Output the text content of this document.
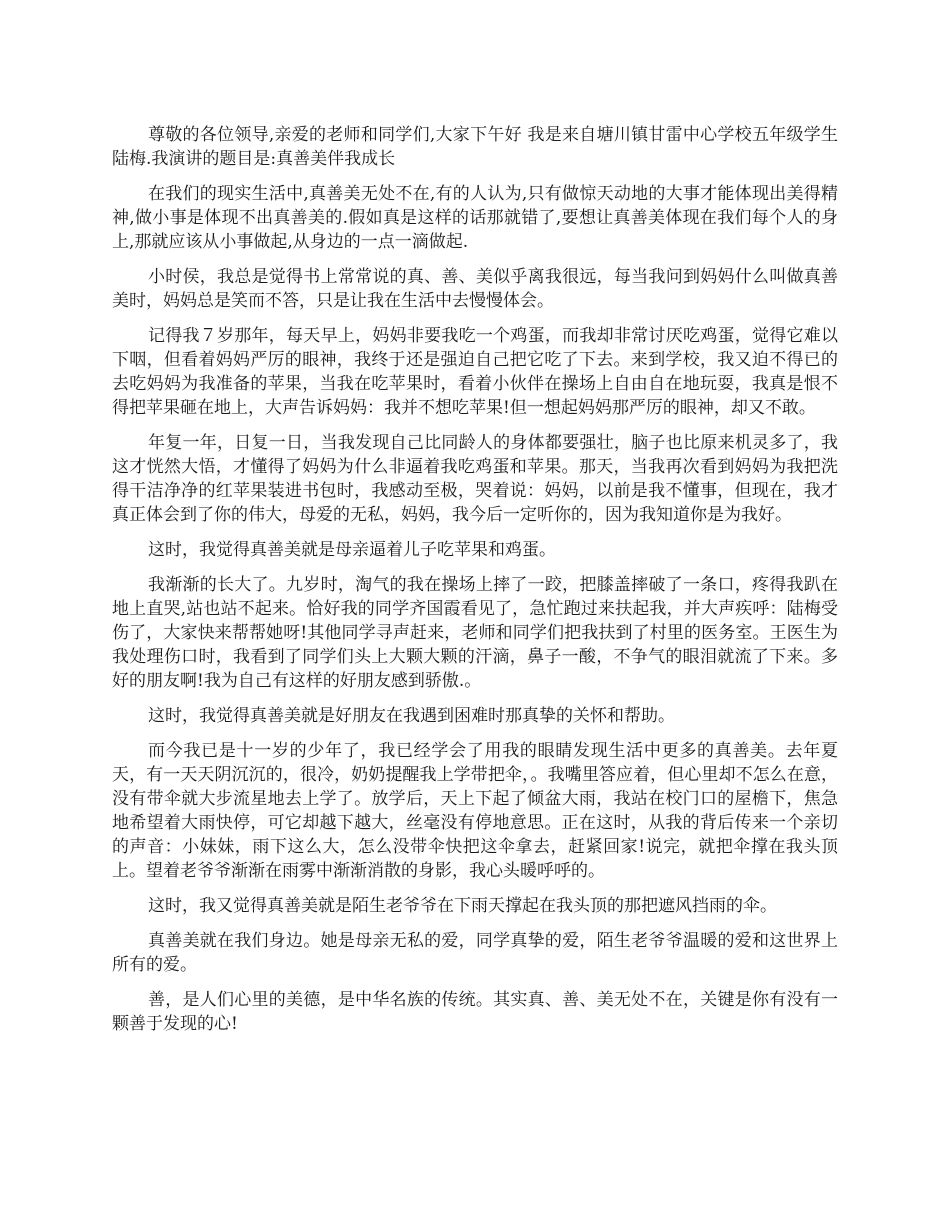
尊敬的各位领导,亲爱的老师和同学们,大家下午好 我是来自塘川镇甘雷中心学校五年级学生陆梅.我演讲的题目是:真善美伴我成长

在我们的现实生活中,真善美无处不在,有的人认为,只有做惊天动地的大事才能体现出美得精神,做小事是体现不出真善美的.假如真是这样的话那就错了,要想让真善美体现在我们每个人的身上,那就应该从小事做起,从身边的一点一滴做起.

小时侯，我总是觉得书上常常说的真、善、美似乎离我很远，每当我问到妈妈什么叫做真善美时，妈妈总是笑而不答，只是让我在生活中去慢慢体会。

记得我７岁那年，每天早上，妈妈非要我吃一个鸡蛋，而我却非常讨厌吃鸡蛋，觉得它难以下咽，但看着妈妈严厉的眼神，我终于还是强迫自己把它吃了下去。来到学校，我又迫不得已的去吃妈妈为我准备的苹果，当我在吃苹果时，看着小伙伴在操场上自由自在地玩耍，我真是恨不得把苹果砸在地上，大声告诉妈妈：我并不想吃苹果!但一想起妈妈那严厉的眼神，却又不敢。

年复一年，日复一日，当我发现自己比同龄人的身体都要强壮，脑子也比原来机灵多了，我这才恍然大悟，才懂得了妈妈为什么非逼着我吃鸡蛋和苹果。那天，当我再次看到妈妈为我把洗得干洁净净的红苹果装进书包时，我感动至极，哭着说：妈妈，以前是我不懂事，但现在，我才真正体会到了你的伟大，母爱的无私，妈妈，我今后一定听你的，因为我知道你是为我好。

这时，我觉得真善美就是母亲逼着儿子吃苹果和鸡蛋。

我渐渐的长大了。九岁时，淘气的我在操场上摔了一跤，把膝盖摔破了一条口，疼得我趴在地上直哭,站也站不起来。恰好我的同学齐国霞看见了，急忙跑过来扶起我，并大声疾呼：陆梅受伤了，大家快来帮帮她呀!其他同学寻声赶来，老师和同学们把我扶到了村里的医务室。王医生为我处理伤口时，我看到了同学们头上大颗大颗的汗滴，鼻子一酸，不争气的眼泪就流了下来。多好的朋友啊!我为自己有这样的好朋友感到骄傲.。

这时，我觉得真善美就是好朋友在我遇到困难时那真挚的关怀和帮助。

而今我已是十一岁的少年了，我已经学会了用我的眼睛发现生活中更多的真善美。去年夏天，有一天天阴沉沉的，很冷，奶奶提醒我上学带把伞，。我嘴里答应着，但心里却不怎么在意，没有带伞就大步流星地去上学了。放学后，天上下起了倾盆大雨，我站在校门口的屋檐下，焦急地希望着大雨快停，可它却越下越大，丝毫没有停地意思。正在这时，从我的背后传来一个亲切的声音：小妹妹，雨下这么大，怎么没带伞快把这伞拿去，赶紧回家!说完，就把伞撑在我头顶上。望着老爷爷渐渐在雨雾中渐渐消散的身影，我心头暖呼呼的。

这时，我又觉得真善美就是陌生老爷爷在下雨天撑起在我头顶的那把遮风挡雨的伞。

真善美就在我们身边。她是母亲无私的爱，同学真挚的爱，陌生老爷爷温暖的爱和这世界上所有的爱。

善，是人们心里的美德，是中华名族的传统。其实真、善、美无处不在，关键是你有没有一颗善于发现的心!
